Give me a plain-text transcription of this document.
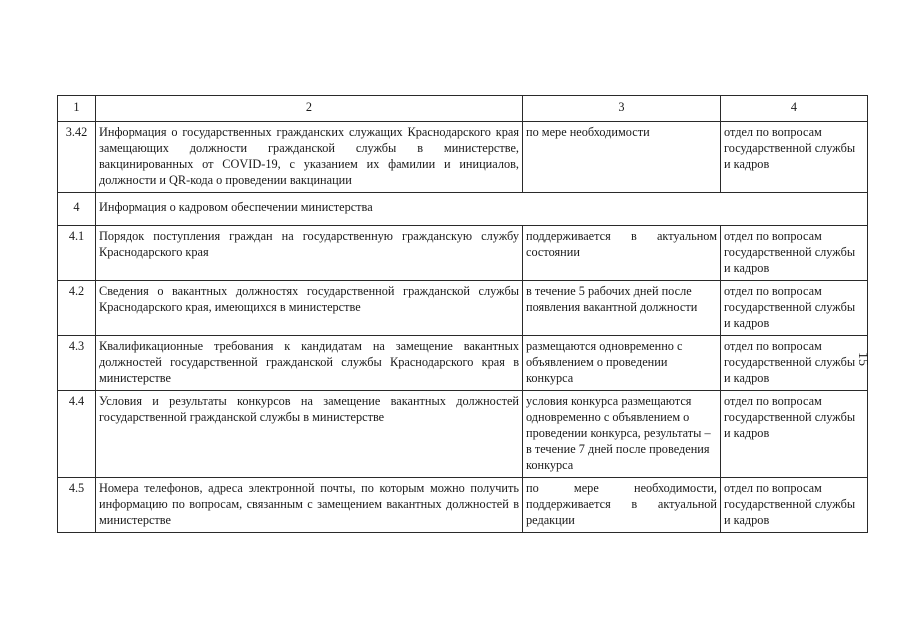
1	2	3	4
3.42	Информация о государственных гражданских служащих Краснодарского края замещающих должности гражданской службы в министерстве, вакцинированных от COVID-19, с указанием их фамилии и инициалов, должности и QR-кода о проведении вакцинации	по мере необходимости	отдел по вопросам государственной службы и кадров
4	Информация о кадровом обеспечении министерства		
4.1	Порядок поступления граждан на государственную гражданскую службу Краснодарского края	поддерживается в актуальном состоянии	отдел по вопросам государственной службы и кадров
4.2	Сведения о вакантных должностях государственной гражданской службы Краснодарского края, имеющихся в министерстве	в течение 5 рабочих дней после появления вакантной должности	отдел по вопросам государственной службы и кадров
4.3	Квалификационные требования к кандидатам на замещение вакантных должностей государственной гражданской службы Краснодарского края в министерстве	размещаются одновременно с объявлением о проведении конкурса	отдел по вопросам государственной службы и кадров
4.4	Условия и результаты конкурсов на замещение вакантных должностей государственной гражданской службы в министерстве	условия конкурса размещаются одновременно с объявлением о проведении конкурса, результаты – в течение 7 дней после проведения конкурса	отдел по вопросам государственной службы и кадров
4.5	Номера телефонов, адреса электронной почты, по которым можно получить информацию по вопросам, связанным с замещением вакантных должностей в министерстве	по мере необходимости, поддерживается в актуальной редакции	отдел по вопросам государственной службы и кадров
15
